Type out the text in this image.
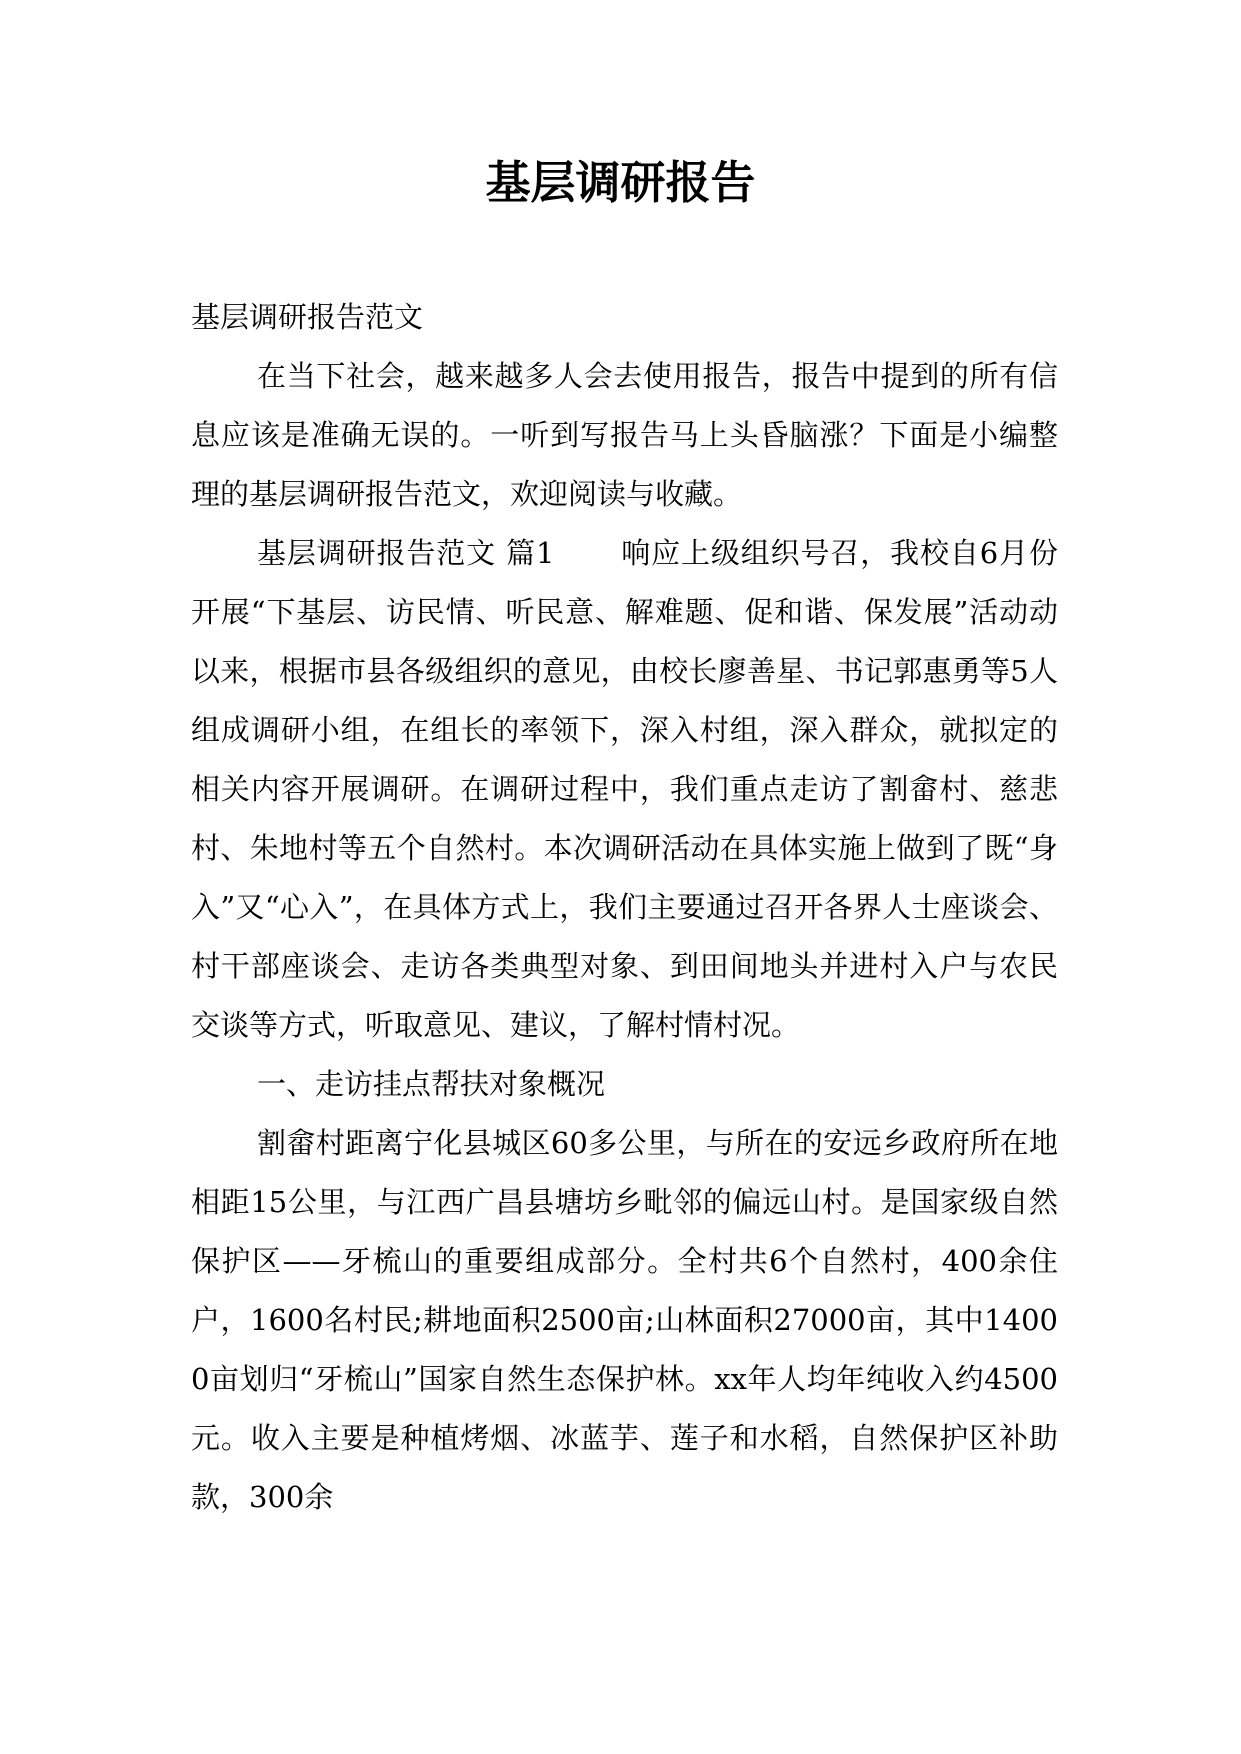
基层调研报告

基层调研报告范文

在当下社会，越来越多人会去使用报告，报告中提到的所有信息应该是准确无误的。一听到写报告马上头昏脑涨？下面是小编整理的基层调研报告范文，欢迎阅读与收藏。

基层调研报告范文 篇1 响应上级组织号召，我校自6月份开展“下基层、访民情、听民意、解难题、促和谐、保发展”活动动以来，根据市县各级组织的意见，由校长廖善星、书记郭惠勇等5人组成调研小组，在组长的率领下，深入村组，深入群众，就拟定的相关内容开展调研。在调研过程中，我们重点走访了割畲村、慈悲村、朱地村等五个自然村。本次调研活动在具体实施上做到了既“身入”又“心入”，在具体方式上，我们主要通过召开各界人士座谈会、村干部座谈会、走访各类典型对象、到田间地头并进村入户与农民交谈等方式，听取意见、建议，了解村情村况。

一、走访挂点帮扶对象概况

割畲村距离宁化县城区60多公里，与所在的安远乡政府所在地相距15公里，与江西广昌县塘坊乡毗邻的偏远山村。是国家级自然保护区——牙梳山的重要组成部分。全村共6个自然村，400余住户，1600名村民;耕地面积2500亩;山林面积27000亩，其中14000亩划归“牙梳山”国家自然生态保护林。xx年人均年纯收入约4500元。收入主要是种植烤烟、冰蓝芋、莲子和水稻，自然保护区补助款，300余
